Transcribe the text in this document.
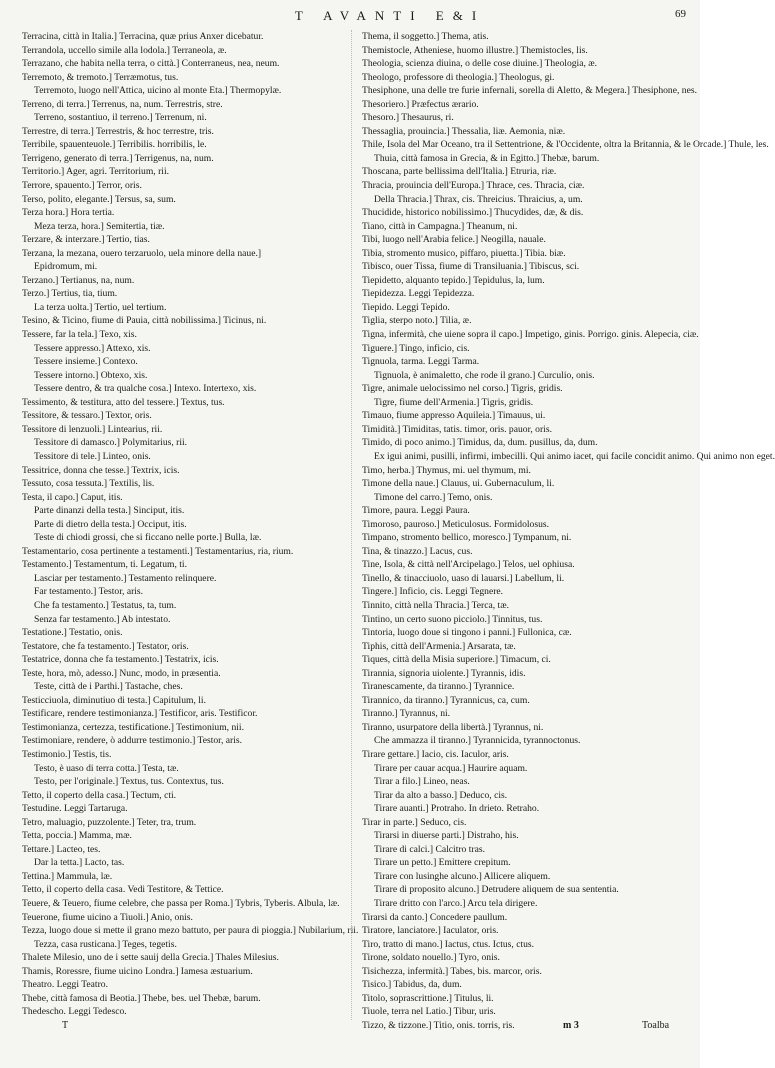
T AVANTI E&I	69
Terracina, città in Italia.] Terracina, quæ prius Anxer dicebatur.
Terrandola, uccello simile alla lodola.] Terraneola, æ.
Terrazano, che habita nella terra, o città.] Conterraneus, nea, neum.
Terremoto, & tremoto.] Terræmotus, tus.
Terremoto, luogo nell'Attica, uicino al monte Eta.] Thermopylæ.
Terreno, di terra.] Terrenus, na, num. Terrestris, stre.
Terreno, sostantiuo, il terreno.] Terrenum, ni.
Terrestre, di terra.] Terrestris, & hoc terrestre, tris.
Terribile, spauenteuole.] Terribilis. horribilis, le.
Terrigeno, generato di terra.] Terrigenus, na, num.
Territorio.] Ager, agri. Territorium, rii.
Terrore, spauento.] Terror, oris.
Terso, polito, elegante.] Tersus, sa, sum.
Terza hora.] Hora tertia.
Meza terza, hora.] Semitertia, tiæ.
Terzare, & interzare.] Tertio, tias.
Terzana, la mezana, ouero terzaruolo, uela minore della naue.]
Epidromum, mi.
Terzano.] Tertianus, na, num.
Terzo.] Tertius, tia, tium.
La terza uolta.] Tertio, uel tertium.
Tesino, & Ticino, fiume di Pauia, città nobilissima.] Ticinus, ni.
Tessere, far la tela.] Texo, xis.
Tessere appresso.] Attexo, xis.
Tessere insieme.] Contexo.
Tessere intorno.] Obtexo, xis.
Tessere dentro, & tra qualche cosa.] Intexo. Intertexo, xis.
Tessimento, & testitura, atto del tessere.] Textus, tus.
Tessitore, & tessaro.] Textor, oris.
Tessitore di lenzuoli.] Lintearius, rii.
Tessitore di damasco.] Polymitarius, rii.
Tessitore di tele.] Linteo, onis.
Tessitrice, donna che tesse.] Textrix, icis.
Tessuto, cosa tessuta.] Textilis, lis.
Testa, il capo.] Caput, itis.
Parte dinanzi della testa.] Sinciput, itis.
Parte di dietro della testa.] Occiput, itis.
Teste di chiodi grossi, che si ficcano nelle porte.] Bulla, læ.
Testamentario, cosa pertinente a testamenti.] Testamentarius, ria, rium.
Testamento.] Testamentum, ti. Legatum, ti.
Lasciar per testamento.] Testamento relinquere.
Far testamento.] Testor, aris.
Che fa testamento.] Testatus, ta, tum.
Senza far testamento.] Ab intestato.
Testatione.] Testatio, onis.
Testatore, che fa testamento.] Testator, oris.
Testatrice, donna che fa testamento.] Testatrix, icis.
Teste, hora, mò, adesso.] Nunc, modo, in præsentia.
Teste, città de i Parthi.] Tastache, ches.
Testicciuola, diminutiuo di testa.] Capitulum, li.
Testificare, rendere testimonianza.] Testificor, aris. Testificor.
Testimonianza, certezza, testificatione.] Testimonium, nii.
Testimoniare, rendere, ò addurre testimonio.] Testor, aris.
Testimonio.] Testis, tis.
Testo, è uaso di terra cotta.] Testa, tæ.
Testo, per l'originale.] Textus, tus. Contextus, tus.
Tetto, il coperto della casa.] Tectum, cti.
Testudine. Leggi Tartaruga.
Tetro, maluagio, puzzolente.] Teter, tra, trum.
Tetta, poccia.] Mamma, mæ.
Tettare.] Lacteo, tes.
Dar la tetta.] Lacto, tas.
Tettina.] Mammula, læ.
Tetto, il coperto della casa. Vedi Testitore, & Tettice.
Teuere, & Teuero, fiume celebre, che passa per Roma.] Tybris, Tyberis. Albula, læ.
Teuerone, fiume uicino a Tiuoli.] Anio, onis.
Tezza, luogo doue si mette il grano mezo battuto, per paura di pioggia.] Nubilarium, rii.
Tezza, casa rusticana.] Teges, tegetis.
Thalete Milesio, uno de i sette sauij della Grecia.] Thales Milesius.
Thamis, Roressre, fiume uicino Londra.] Iamesa æstuarium.
Theatro. Leggi Teatro.
Thebe, città famosa di Beotia.] Thebe, bes. uel Thebæ, barum.
Thedescho. Leggi Tedesco.
Thema, il soggetto.] Thema, atis.
Themistocle, Atheniese, huomo illustre.] Themistocles, lis.
Theologia, scienza diuina, o delle cose diuine.] Theologia, æ.
Theologo, professore di theologia.] Theologus, gi.
Thesiphone, una delle tre furie infernali, sorella di Aletto, & Megera.] Thesiphone, nes.
Thesoriero.] Præfectus ærario.
Thesoro.] Thesaurus, ri.
Thessaglia, prouincia.] Thessalia, liæ. Aemonia, niæ.
Thile, Isola del Mar Oceano, tra il Settentrione, & l'Occidente, oltra la Britannia, & le Orcade.] Thule, les.
Thuia, città famosa in Grecia, & in Egitto.] Thebæ, barum.
Thoscana, parte bellissima dell'Italia.] Etruria, riæ.
Thracia, prouincia dell'Europa.] Thrace, ces. Thracia, ciæ.
Della Thracia.] Thrax, cis. Threicius. Thraicius, a, um.
Thucidide, historico nobilissimo.] Thucydides, dæ, & dis.
Tiano, città in Campagna.] Theanum, ni.
Tibi, luogo nell'Arabia felice.] Neogilla, nauale.
Tibia, stromento musico, piffaro, piuetta.] Tibia. biæ.
Tibisco, ouer Tissa, fiume di Transiluania.] Tibiscus, sci.
Tiepidetto, alquanto tepido.] Tepidulus, la, lum.
Tiepidezza. Leggi Tepidezza.
Tiepido. Leggi Tepido.
Tiglia, sterpo noto.] Tilia, æ.
Tigna, infermità, che uiene sopra il capo.] Impetigo, ginis. Porrigo. ginis. Alepecia, ciæ.
Tiguere.] Tingo, inficio, cis.
Tignuola, tarma. Leggi Tarma.
Tignuola, è animaletto, che rode il grano.] Curculio, onis.
Tigre, animale uelocissimo nel corso.] Tigris, gridis.
Tigre, fiume dell'Armenia.] Tigris, gridis.
Timauo, fiume appresso Aquileia.] Timauus, ui.
Timidità.] Timiditas, tatis. timor, oris. pauor, oris.
Timido, di poco animo.] Timidus, da, dum. pusillus, da, dum.
Ex igui animi, pusilli, infirmi, imbecilli. Qui animo iacet, qui facile concidit animo. Qui animo non eget.
Timo, herba.] Thymus, mi. uel thymum, mi.
Timone della naue.] Clauus, ui. Gubernaculum, li.
Timone del carro.] Temo, onis.
Timore, paura. Leggi Paura.
Timoroso, pauroso.] Meticulosus. Formidolosus.
Timpano, stromento bellico, moresco.] Tympanum, ni.
Tina, & tinazzo.] Lacus, cus.
Tine, Isola, & città nell'Arcipelago.] Telos, uel ophiusa.
Tinello, & tinacciuolo, uaso di lauarsi.] Labellum, li.
Tingere.] Inficio, cis. Leggi Tegnere.
Tinnito, città nella Thracia.] Terca, tæ.
Tintino, un certo suono picciolo.] Tinnitus, tus.
Tintoria, luogo doue si tingono i panni.] Fullonica, cæ.
Tiphis, città dell'Armenia.] Arsarata, tæ.
Tiques, città della Misia superiore.] Timacum, ci.
Tirannia, signoria uiolente.] Tyrannis, idis.
Tiranescamente, da tiranno.] Tyrannice.
Tirannico, da tiranno.] Tyrannicus, ca, cum.
Tiranno.] Tyrannus, ni.
Tiranno, usurpatore della libertà.] Tyrannus, ni.
Che ammazza il tiranno.] Tyrannicida, tyrannoctonus.
Tirare gettare.] Iacio, cis. Iaculor, aris.
Tirare per cauar acqua.] Haurire aquam.
Tirar a filo.] Lineo, neas.
Tirar da alto a basso.] Deduco, cis.
Tirare auanti.] Protraho. In drieto. Retraho.
Tirar in parte.] Seduco, cis.
Tirarsi in diuerse parti.] Distraho, his.
Tirare di calci.] Calcitro tras.
Tirare un petto.] Emittere crepitum.
Tirare con lusinghe alcuno.] Allicere aliquem.
Tirare di proposito alcuno.] Detrudere aliquem de sua sententia.
Tirare dritto con l'arco.] Arcu tela dirigere.
Tirarsi da canto.] Concedere paullum.
Tiratore, lanciatore.] Iaculator, oris.
Tiro, tratto di mano.] Iactus, ctus. Ictus, ctus.
Tirone, soldato nouello.] Tyro, onis.
Tisichezza, infermità.] Tabes, bis. marcor, oris.
Tisico.] Tabidus, da, dum.
Titolo, soprascrittione.] Titulus, li.
Tiuole, terra nel Latio.] Tibur, uris.
Tizzo, & tizzone.] Titio, onis. torris, ris.
T	m 3	Toalba
